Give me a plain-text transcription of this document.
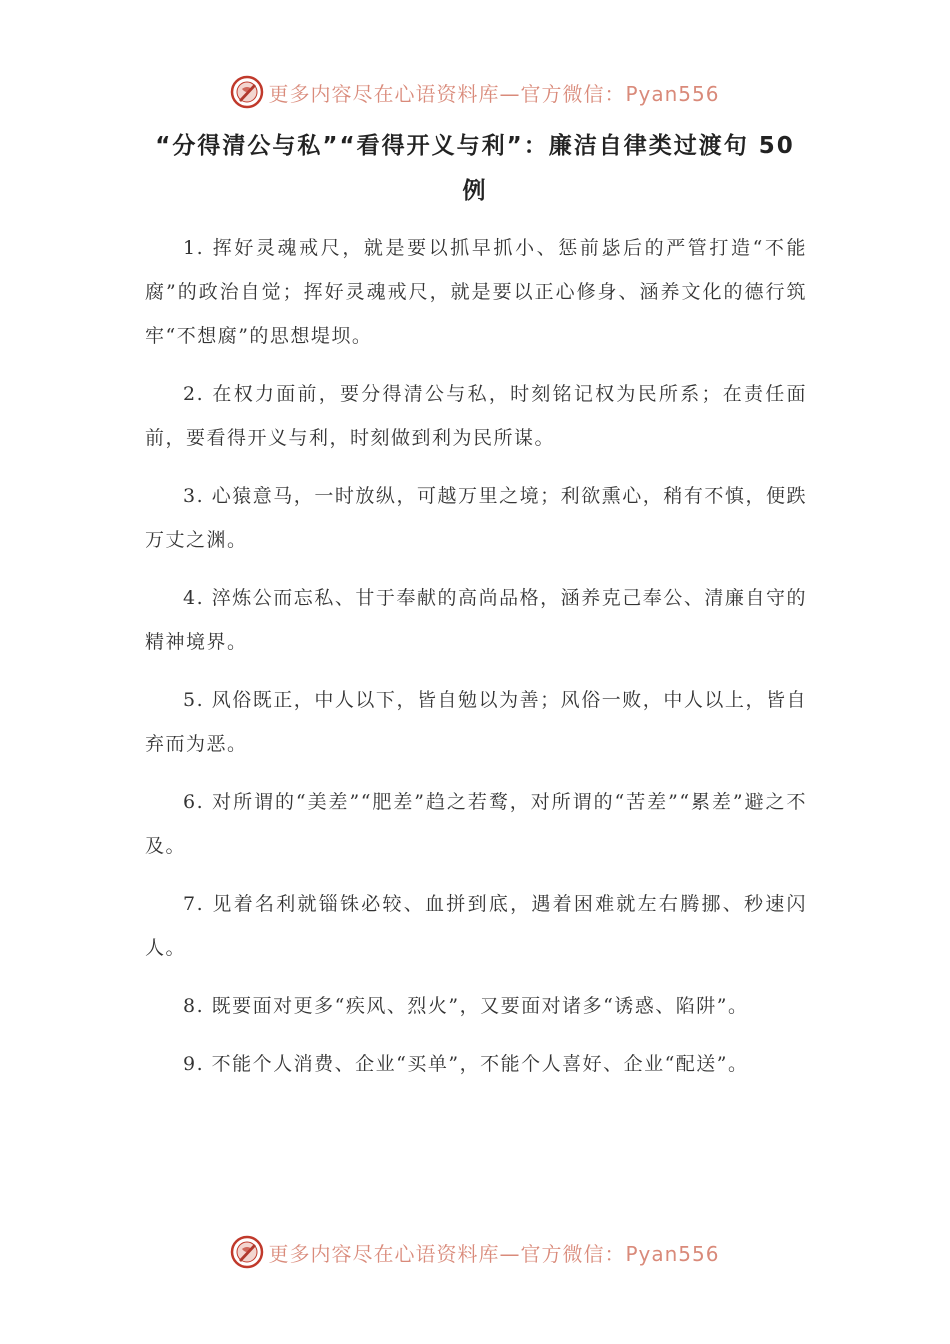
更多内容尽在心语资料库—官方微信：Pyan556
“分得清公与私”“看得开义与利”：廉洁自律类过渡句 50 例

1. 挥好灵魂戒尺，就是要以抓早抓小、惩前毖后的严管打造“不能腐”的政治自觉；挥好灵魂戒尺，就是要以正心修身、涵养文化的德行筑牢“不想腐”的思想堤坝。

2. 在权力面前，要分得清公与私，时刻铭记权为民所系；在责任面前，要看得开义与利，时刻做到利为民所谋。

3. 心猿意马，一时放纵，可越万里之境；利欲熏心，稍有不慎，便跌万丈之渊。

4. 淬炼公而忘私、甘于奉献的高尚品格，涵养克己奉公、清廉自守的精神境界。

5. 风俗既正，中人以下，皆自勉以为善；风俗一败，中人以上，皆自弃而为恶。

6. 对所谓的“美差”“肥差”趋之若鹜，对所谓的“苦差”“累差”避之不及。

7. 见着名利就锱铢必较、血拼到底，遇着困难就左右腾挪、秒速闪人。

8. 既要面对更多“疾风、烈火”，又要面对诸多“诱惑、陷阱”。

9. 不能个人消费、企业“买单”，不能个人喜好、企业“配送”。

更多内容尽在心语资料库—官方微信：Pyan556
